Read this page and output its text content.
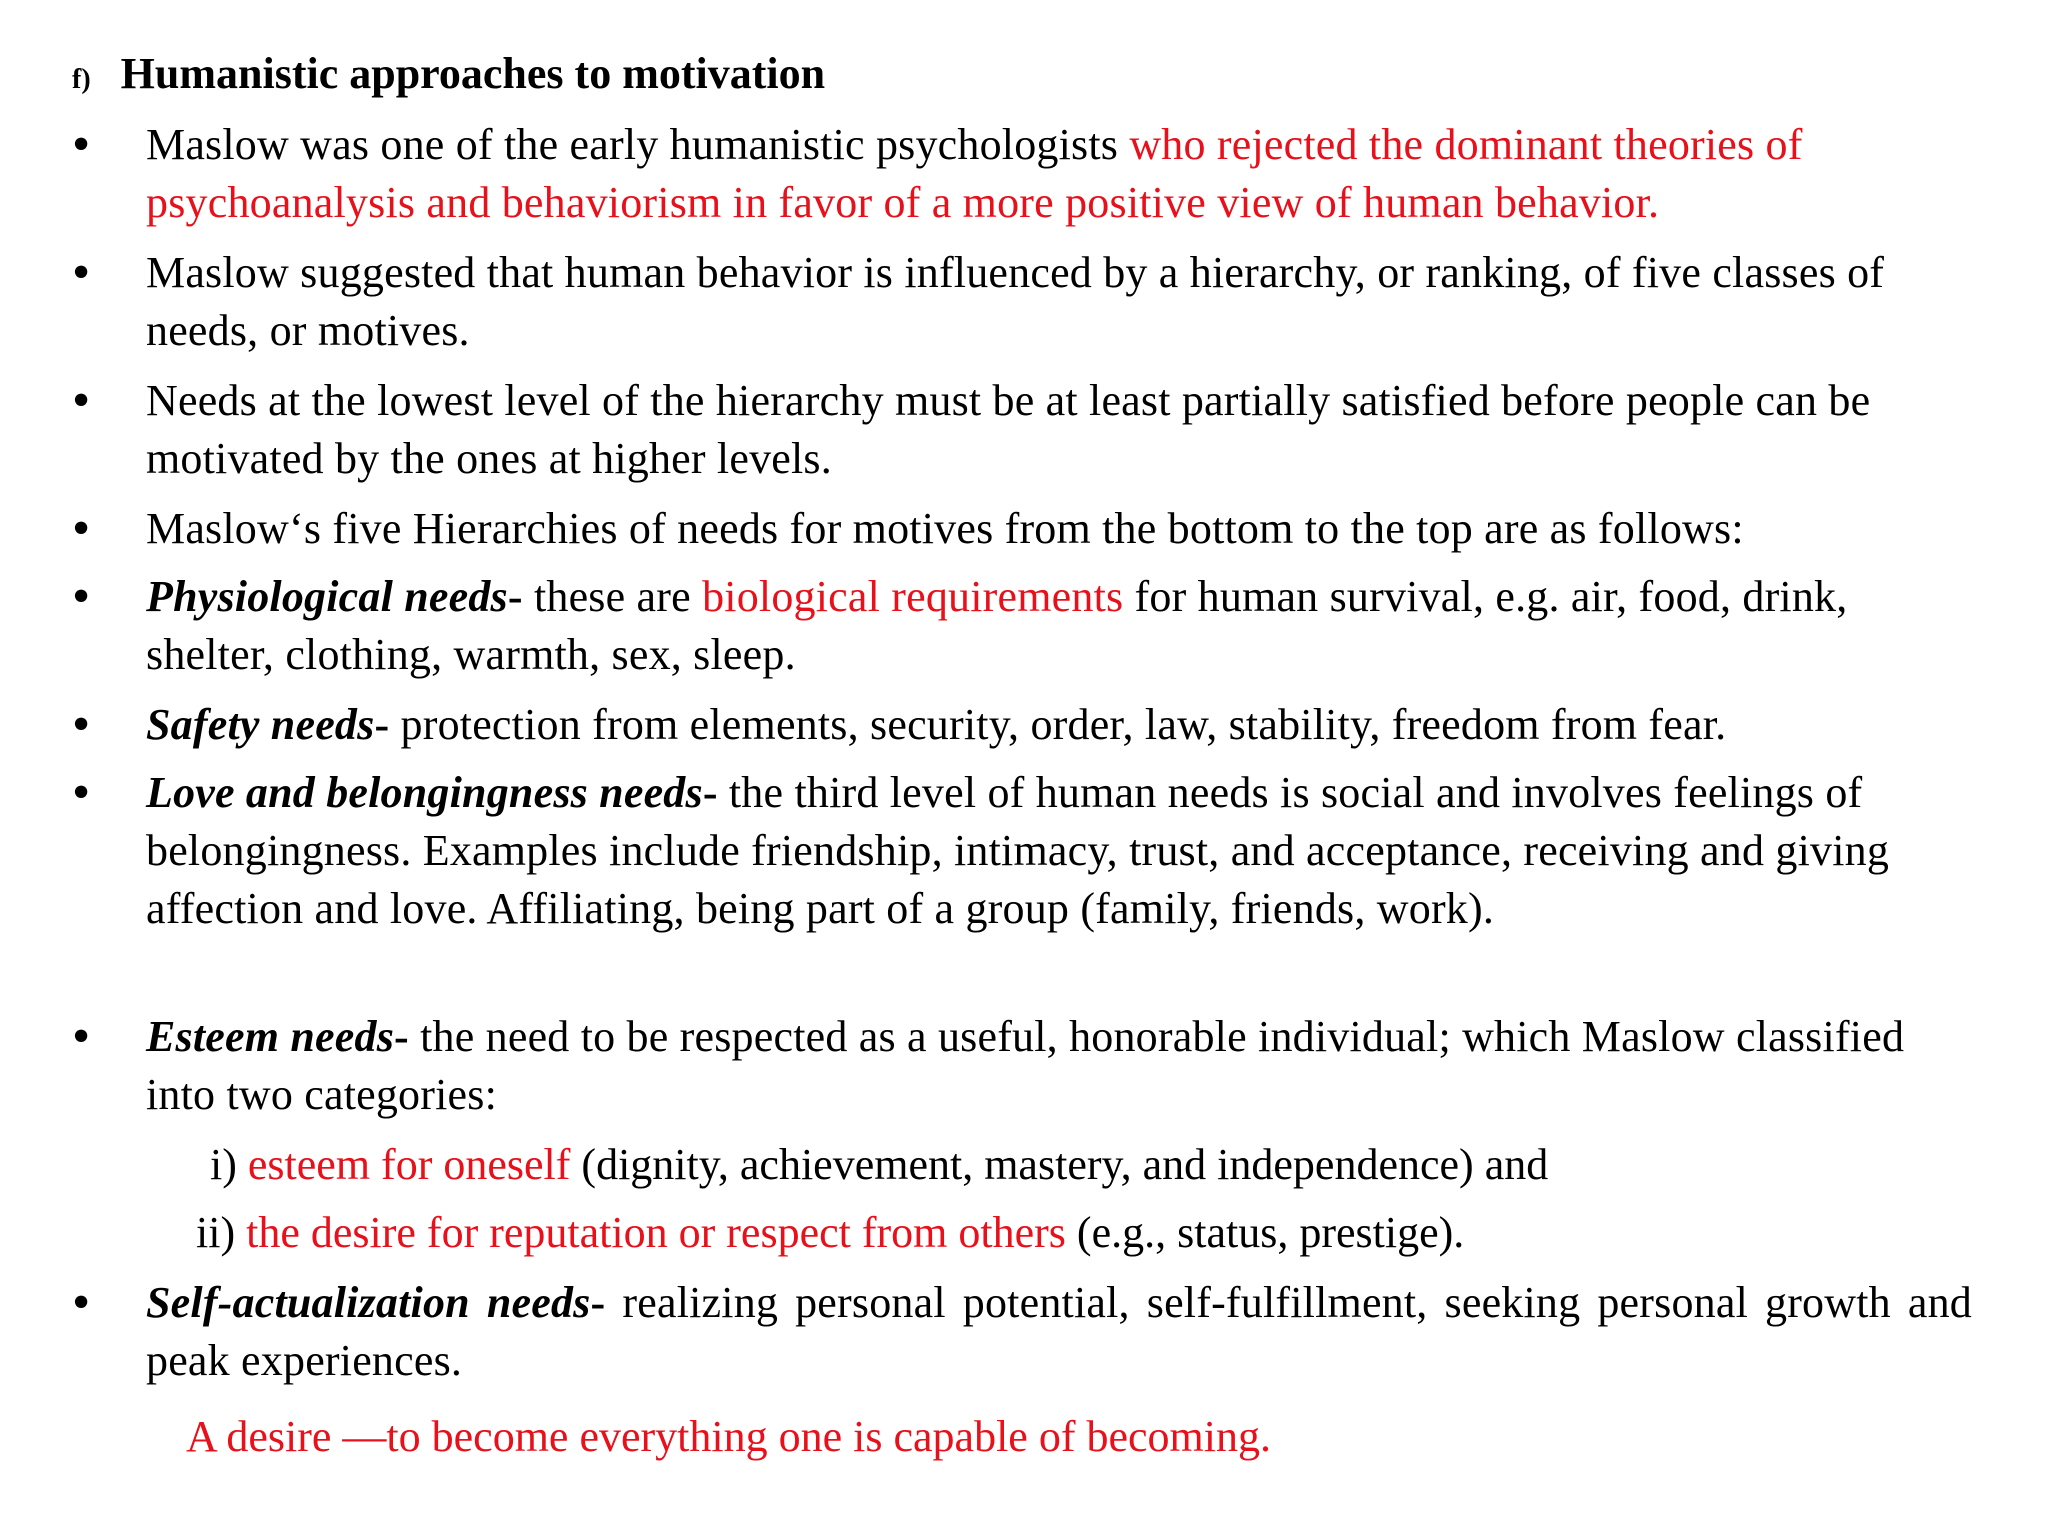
f) Humanistic approaches to motivation
•	Maslow was one of the early humanistic psychologists who rejected the dominant theories of psychoanalysis and behaviorism in favor of a more positive view of human behavior.
•	Maslow suggested that human behavior is influenced by a hierarchy, or ranking, of five classes of needs, or motives.
•	Needs at the lowest level of the hierarchy must be at least partially satisfied before people can be motivated by the ones at higher levels.
•	Maslow‘s five Hierarchies of needs for motives from the bottom to the top are as follows:
•	Physiological needs- these are biological requirements for human survival, e.g. air, food, drink, shelter, clothing, warmth, sex, sleep.
•	Safety needs- protection from elements, security, order, law, stability, freedom from fear.
•	Love and belongingness needs- the third level of human needs is social and involves feelings of belongingness. Examples include friendship, intimacy, trust, and acceptance, receiving and giving affection and love. Affiliating, being part of a group (family, friends, work).
•	Esteem needs- the need to be respected as a useful, honorable individual; which Maslow classified into two categories:
i) esteem for oneself (dignity, achievement, mastery, and independence) and
ii) the desire for reputation or respect from others (e.g., status, prestige).
•	Self-actualization needs- realizing personal potential, self-fulfillment, seeking personal growth and peak experiences.
A desire —to become everything one is capable of becoming.
